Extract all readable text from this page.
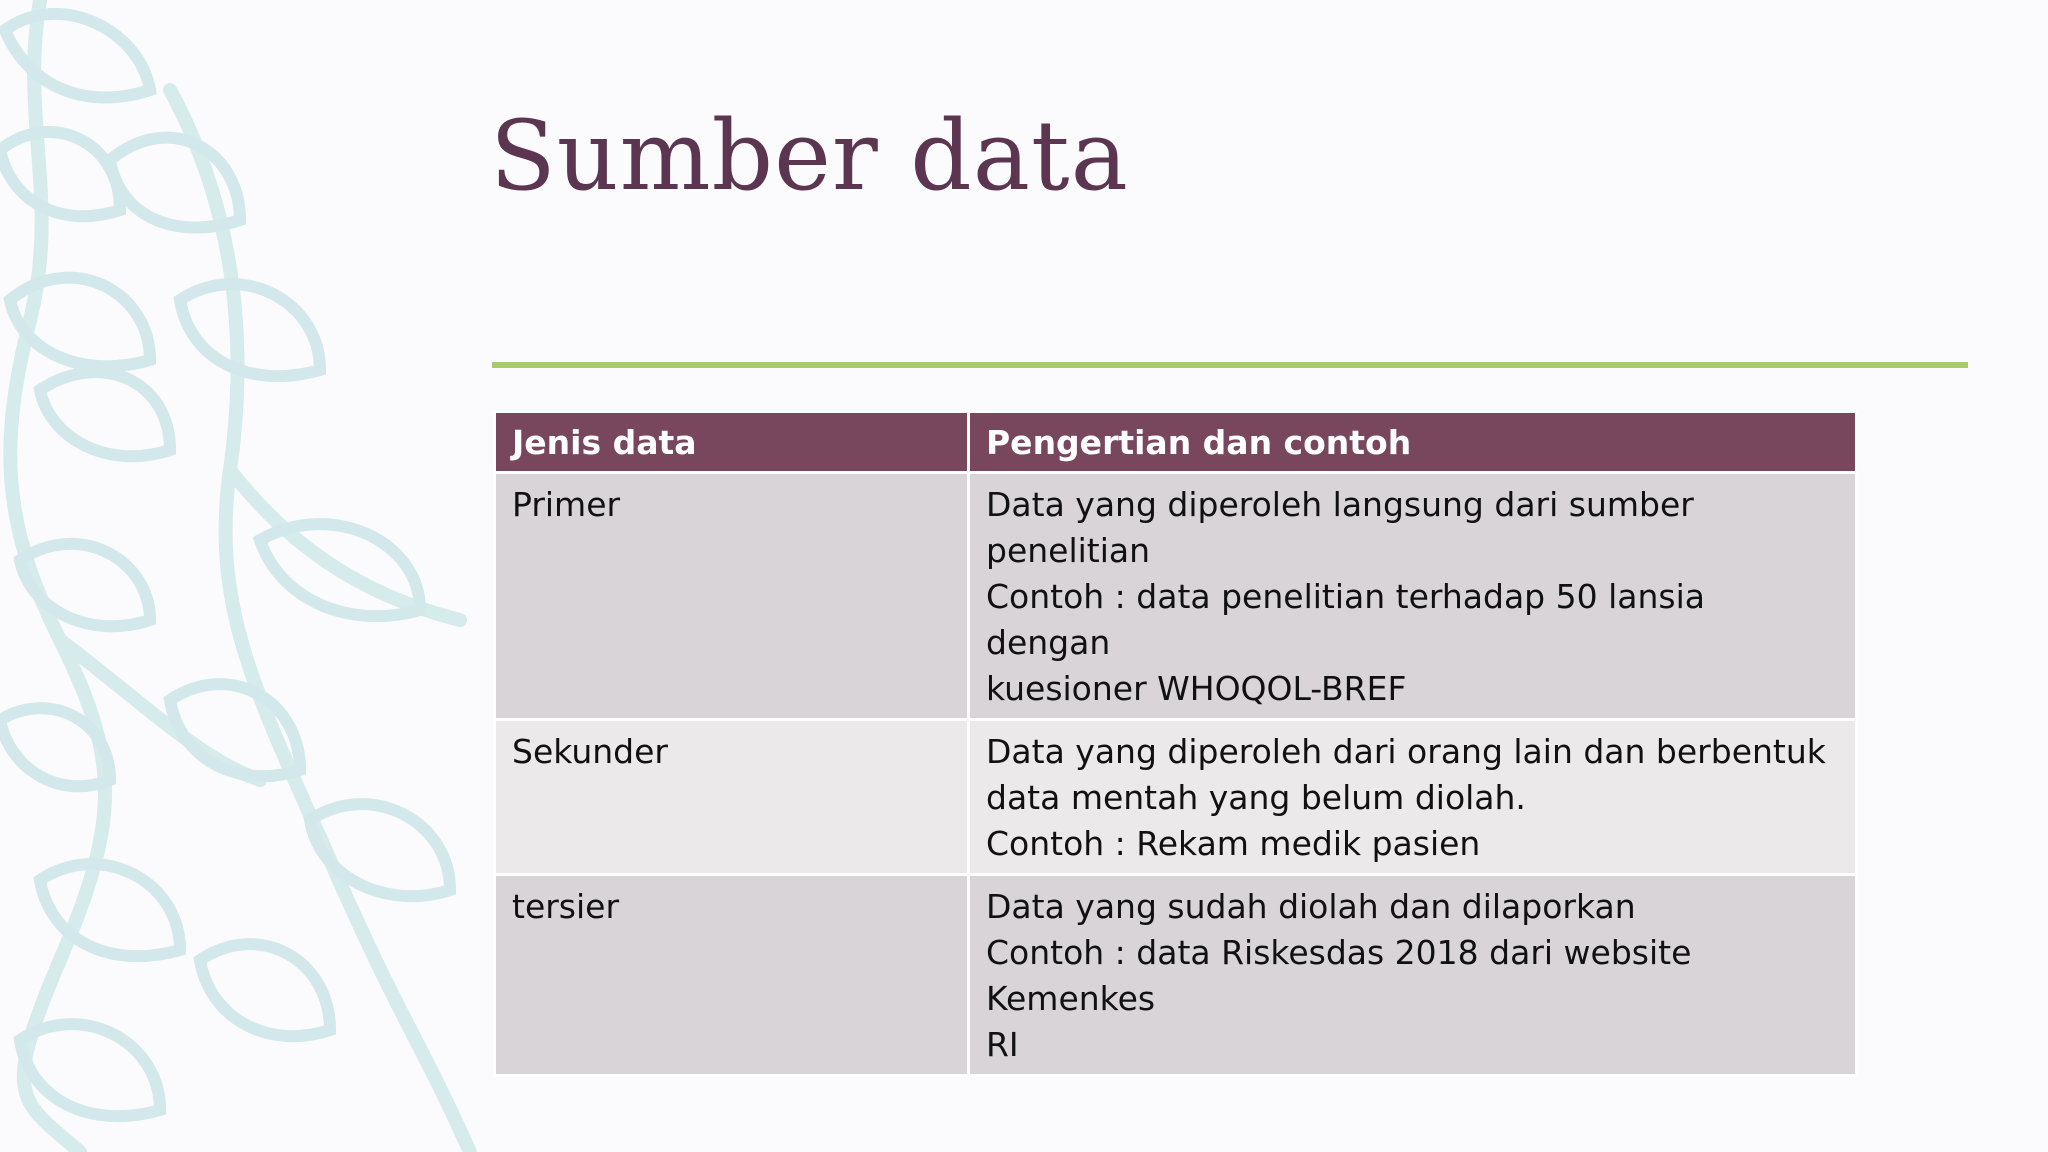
Sumber data
Jenis data	Pengertian dan contoh
Primer	Data yang diperoleh langsung dari sumber penelitian
Contoh : data penelitian terhadap 50 lansia dengan
kuesioner WHOQOL-BREF

Sekunder	Data yang diperoleh dari orang lain dan berbentuk
data mentah yang belum diolah.
Contoh : Rekam medik pasien

tersier	Data yang sudah diolah dan dilaporkan
Contoh : data Riskesdas 2018 dari website Kemenkes
RI
